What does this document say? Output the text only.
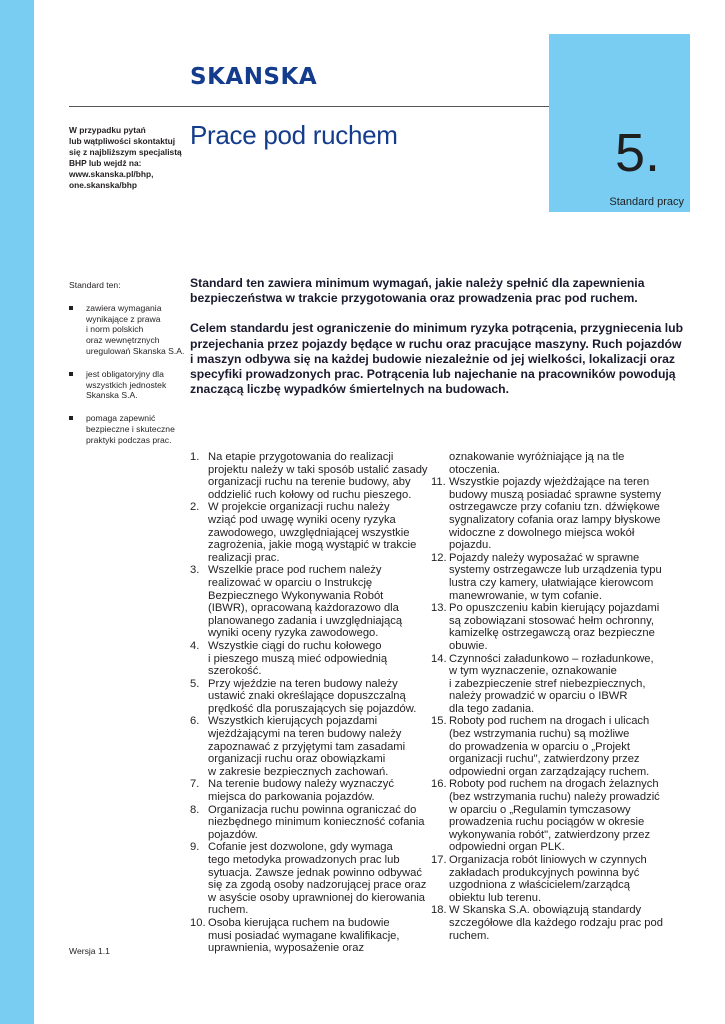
SKANSKA
5.
Standard pracy
W przypadku pytań
lub wątpliwości skontaktuj
się z najbliższym specjalistą
BHP lub wejdź na:
www.skanska.pl/bhp,
one.skanska/bhp
Prace pod ruchem
Standard ten:
zawiera wymagania
wynikające z prawa
i norm polskich
oraz wewnętrznych
uregulowań Skanska S.A.
jest obligatoryjny dla
wszystkich jednostek
Skanska S.A.
pomaga zapewnić
bezpieczne i skuteczne
praktyki podczas prac.

Standard ten zawiera minimum wymagań, jakie należy spełnić dla zapewnienia
bezpieczeństwa w trakcie przygotowania oraz prowadzenia prac pod ruchem.

Celem standardu jest ograniczenie do minimum ryzyka potrącenia, przygniecenia lub
przejechania przez pojazdy będące w ruchu oraz pracujące maszyny. Ruch pojazdów
i maszyn odbywa się na każdej budowie niezależnie od jej wielkości, lokalizacji oraz
specyfiki prowadzonych prac. Potrącenia lub najechanie na pracowników powodują
znaczącą liczbę wypadków śmiertelnych na budowach.

1. Na etapie przygotowania do realizacji
projektu należy w taki sposób ustalić zasady
organizacji ruchu na terenie budowy, aby
oddzielić ruch kołowy od ruchu pieszego.
2. W projekcie organizacji ruchu należy
wziąć pod uwagę wyniki oceny ryzyka
zawodowego, uwzględniającej wszystkie
zagrożenia, jakie mogą wystąpić w trakcie
realizacji prac.
3. Wszelkie prace pod ruchem należy
realizować w oparciu o Instrukcję
Bezpiecznego Wykonywania Robót
(IBWR), opracowaną każdorazowo dla
planowanego zadania i uwzględniającą
wyniki oceny ryzyka zawodowego.
4. Wszystkie ciągi do ruchu kołowego
i pieszego muszą mieć odpowiednią
szerokość.
5. Przy wjeździe na teren budowy należy
ustawić znaki określające dopuszczalną
prędkość dla poruszających się pojazdów.
6. Wszystkich kierujących pojazdami
wjeżdżającymi na teren budowy należy
zapoznawać z przyjętymi tam zasadami
organizacji ruchu oraz obowiązkami
w zakresie bezpiecznych zachowań.
7. Na terenie budowy należy wyznaczyć
miejsca do parkowania pojazdów.
8. Organizacja ruchu powinna ograniczać do
niezbędnego minimum konieczność cofania
pojazdów.
9. Cofanie jest dozwolone, gdy wymaga
tego metodyka prowadzonych prac lub
sytuacja. Zawsze jednak powinno odbywać
się za zgodą osoby nadzorującej prace oraz
w asyście osoby uprawnionej do kierowania
ruchem.
10. Osoba kierująca ruchem na budowie
musi posiadać wymagane kwalifikacje,
uprawnienia, wyposażenie oraz
oznakowanie wyróżniające ją na tle
otoczenia.
11. Wszystkie pojazdy wjeżdżające na teren
budowy muszą posiadać sprawne systemy
ostrzegawcze przy cofaniu tzn. dźwiękowe
sygnalizatory cofania oraz lampy błyskowe
widoczne z dowolnego miejsca wokół
pojazdu.
12. Pojazdy należy wyposażać w sprawne
systemy ostrzegawcze lub urządzenia typu
lustra czy kamery, ułatwiające kierowcom
manewrowanie, w tym cofanie.
13. Po opuszczeniu kabin kierujący pojazdami
są zobowiązani stosować hełm ochronny,
kamizelkę ostrzegawczą oraz bezpieczne
obuwie.
14. Czynności załadunkowo – rozładunkowe,
w tym wyznaczenie, oznakowanie
i zabezpieczenie stref niebezpiecznych,
należy prowadzić w oparciu o IBWR
dla tego zadania.
15. Roboty pod ruchem na drogach i ulicach
(bez wstrzymania ruchu) są możliwe
do prowadzenia w oparciu o „Projekt
organizacji ruchu", zatwierdzony przez
odpowiedni organ zarządzający ruchem.
16. Roboty pod ruchem na drogach żelaznych
(bez wstrzymania ruchu) należy prowadzić
w oparciu o „Regulamin tymczasowy
prowadzenia ruchu pociągów w okresie
wykonywania robót", zatwierdzony przez
odpowiedni organ PLK.
17. Organizacja robót liniowych w czynnych
zakładach produkcyjnych powinna być
uzgodniona z właścicielem/zarządcą
obiektu lub terenu.
18. W Skanska S.A. obowiązują standardy
szczegółowe dla każdego rodzaju prac pod
ruchem.
Wersja 1.1
